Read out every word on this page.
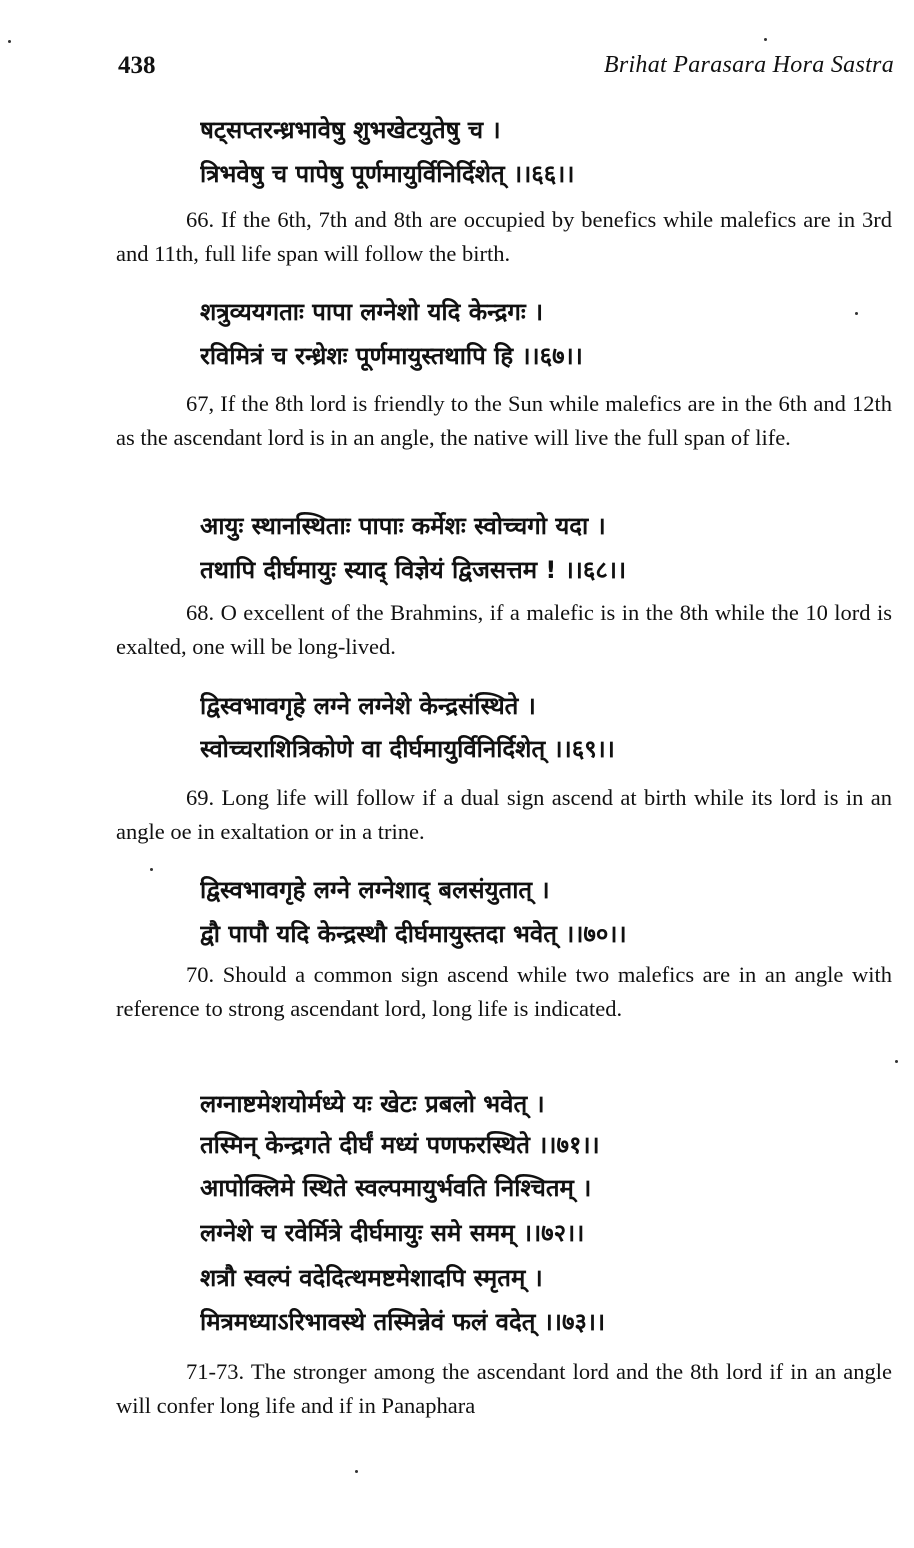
438	Brihat Parasara Hora Sastra
षट्सप्तरन्ध्रभावेषु शुभखेटयुतेषु च ।
त्रिभवेषु च पापेषु पूर्णमायुर्विनिर्दिशेत् ।।६६।।
66. If the 6th, 7th and 8th are occupied by benefics while malefics are in 3rd and 11th, full life span will follow the birth.
शत्रुव्ययगताः पापा लग्नेशो यदि केन्द्रगः ।
रविमित्रं च रन्ध्रेशः पूर्णमायुस्तथापि हि ।।६७।।
67, If the 8th lord is friendly to the Sun while malefics are in the 6th and 12th as the ascendant lord is in an angle, the native will live the full span of life.
आयुः स्थानस्थिताः पापाः कर्मेशः स्वोच्चगो यदा ।
तथापि दीर्घमायुः स्याद् विज्ञेयं द्विजसत्तम ! ।।६८।।
68. O excellent of the Brahmins, if a malefic is in the 8th while the 10 lord is exalted, one will be long-lived.
द्विस्वभावगृहे लग्ने लग्नेशे केन्द्रसंस्थिते ।
स्वोच्चराशित्रिकोणे वा दीर्घमायुर्विनिर्दिशेत् ।।६९।।
69. Long life will follow if a dual sign ascend at birth while its lord is in an angle oe in exaltation or in a trine.
द्विस्वभावगृहे लग्ने लग्नेशाद् बलसंयुतात् ।
द्वौ पापौ यदि केन्द्रस्थौ दीर्घमायुस्तदा भवेत् ।।७०।।
70. Should a common sign ascend while two malefics are in an angle with reference to strong ascendant lord, long life is indicated.
लग्नाष्टमेशयोर्मध्ये यः खेटः प्रबलो भवेत् ।
तस्मिन् केन्द्रगते दीर्घं मध्यं पणफरस्थिते ।।७१।।
आपोक्लिमे स्थिते स्वल्पमायुर्भवति निश्चितम् ।
लग्नेशे च रवेर्मित्रे दीर्घमायुः समे समम् ।।७२।।
शत्रौ स्वल्पं वदेदित्थमष्टमेशादपि स्मृतम् ।
मित्रमध्याऽरिभावस्थे तस्मिन्नेवं फलं वदेत् ।।७३।।
71-73. The stronger among the ascendant lord and the 8th lord if in an angle will confer long life and if in Panaphara
